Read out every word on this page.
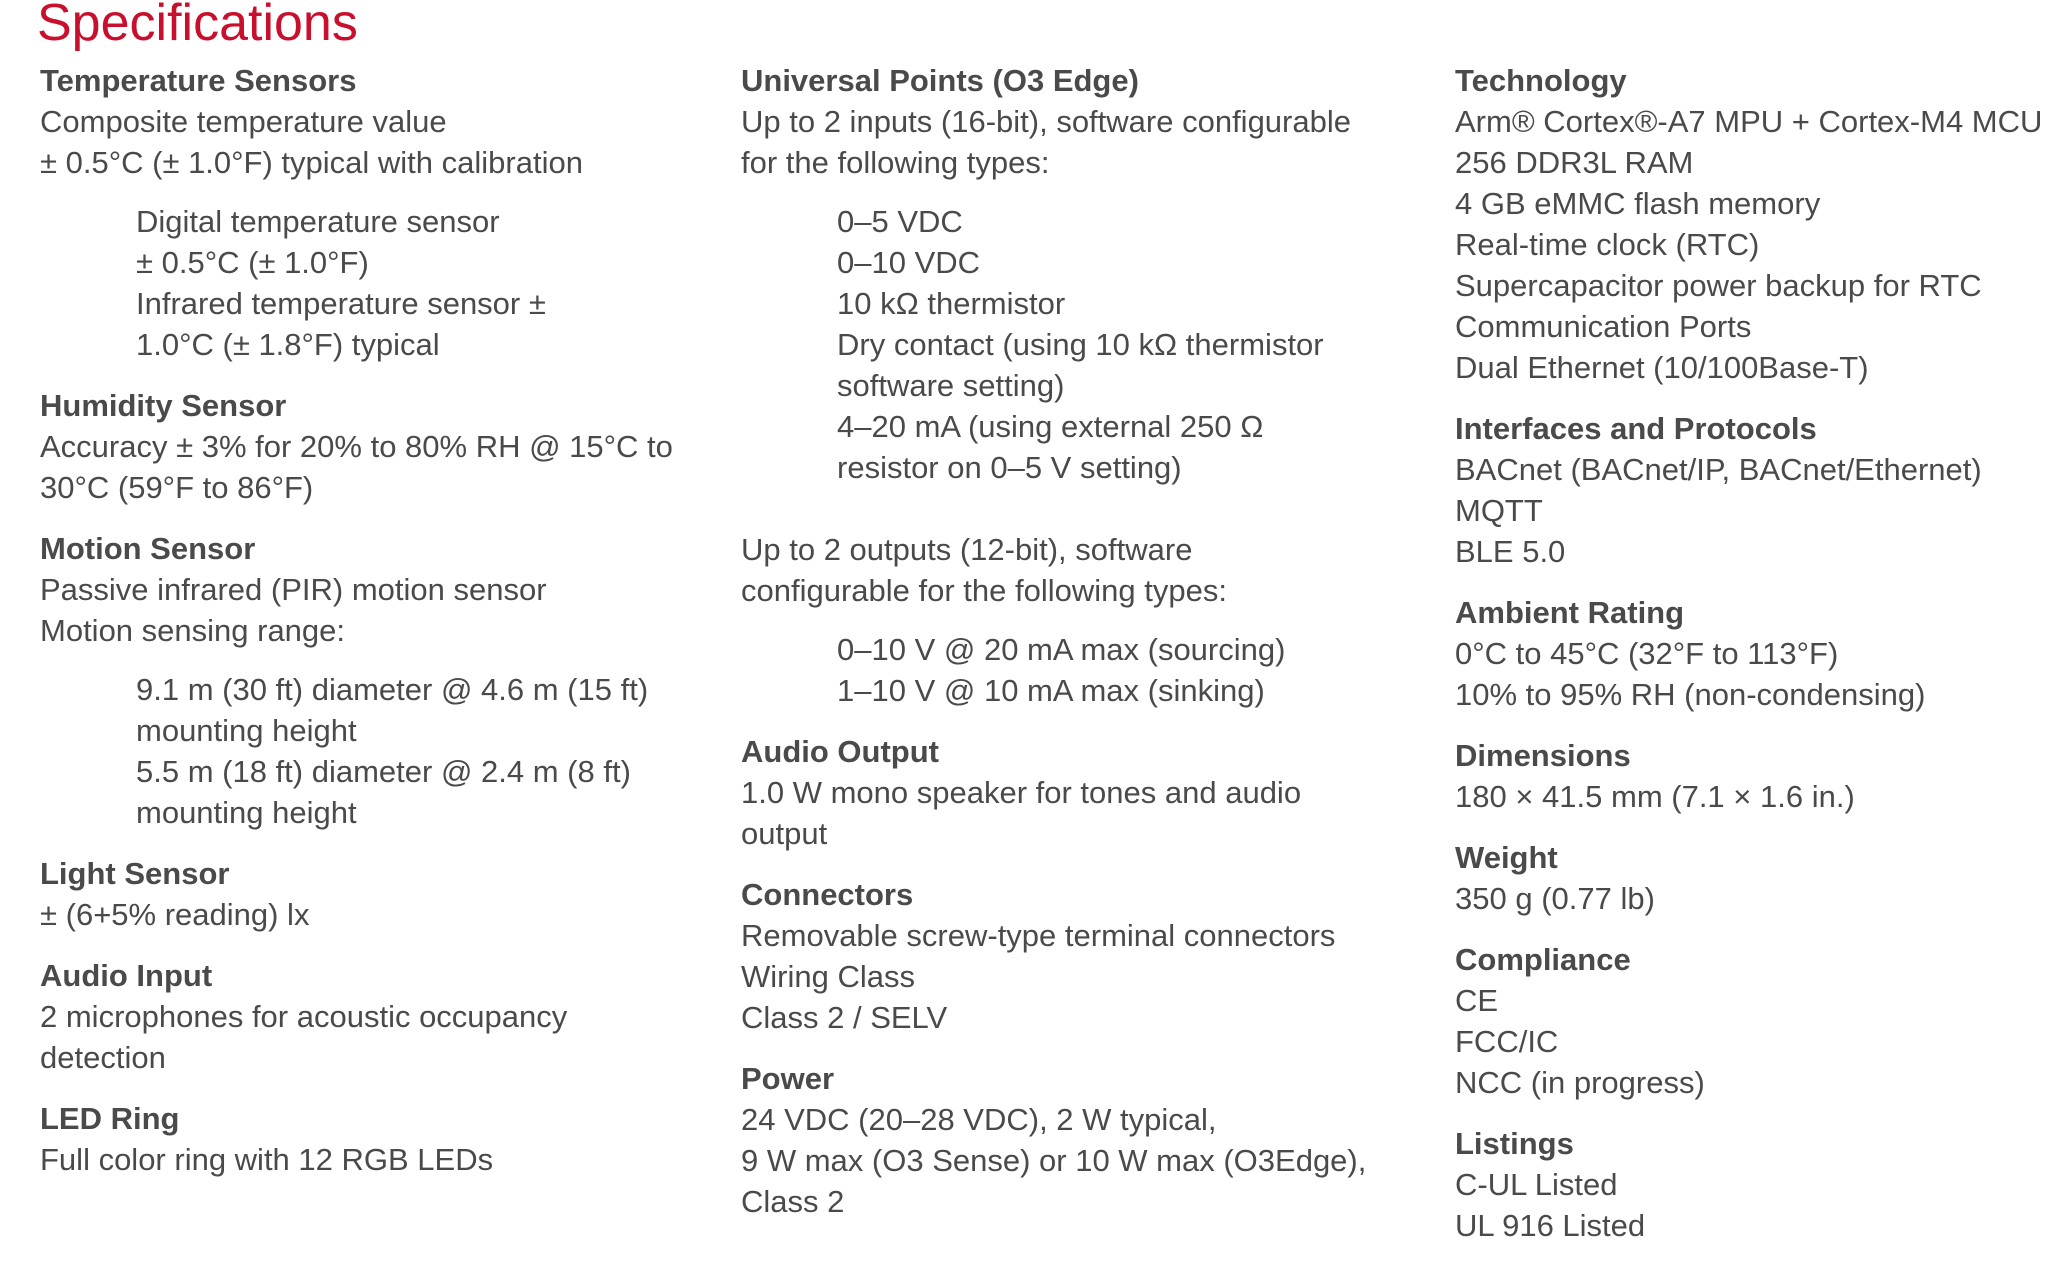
Specifications
Temperature Sensors
Composite temperature value
± 0.5°C (± 1.0°F) typical with calibration
Digital temperature sensor
± 0.5°C (± 1.0°F)
Infrared temperature sensor ±
1.0°C (± 1.8°F) typical
Humidity Sensor
Accuracy ± 3% for 20% to 80% RH @ 15°C to
30°C (59°F to 86°F)
Motion Sensor
Passive infrared (PIR) motion sensor
Motion sensing range:
9.1 m (30 ft) diameter @ 4.6 m (15 ft)
mounting height
5.5 m (18 ft) diameter @ 2.4 m (8 ft)
mounting height
Light Sensor
± (6+5% reading) lx
Audio Input
2 microphones for acoustic occupancy
detection
LED Ring
Full color ring with 12 RGB LEDs
Universal Points (O3 Edge)
Up to 2 inputs (16-bit), software configurable
for the following types:
0–5 VDC
0–10 VDC
10 kΩ thermistor
Dry contact (using 10 kΩ thermistor
software setting)
4–20 mA (using external 250 Ω
resistor on 0–5 V setting)
Up to 2 outputs (12-bit), software
configurable for the following types:
0–10 V @ 20 mA max (sourcing)
1–10 V @ 10 mA max (sinking)
Audio Output
1.0 W mono speaker for tones and audio
output
Connectors
Removable screw-type terminal connectors
Wiring Class
Class 2 / SELV
Power
24 VDC (20–28 VDC), 2 W typical,
9 W max (O3 Sense) or 10 W max (O3Edge),
Class 2
Technology
Arm® Cortex®-A7 MPU + Cortex-M4 MCU
256 DDR3L RAM
4 GB eMMC flash memory
Real-time clock (RTC)
Supercapacitor power backup for RTC
Communication Ports
Dual Ethernet (10/100Base-T)
Interfaces and Protocols
BACnet (BACnet/IP, BACnet/Ethernet)
MQTT
BLE 5.0
Ambient Rating
0°C to 45°C (32°F to 113°F)
10% to 95% RH (non-condensing)
Dimensions
180 × 41.5 mm (7.1 × 1.6 in.)
Weight
350 g (0.77 lb)
Compliance
CE
FCC/IC
NCC (in progress)
Listings
C-UL Listed
UL 916 Listed
